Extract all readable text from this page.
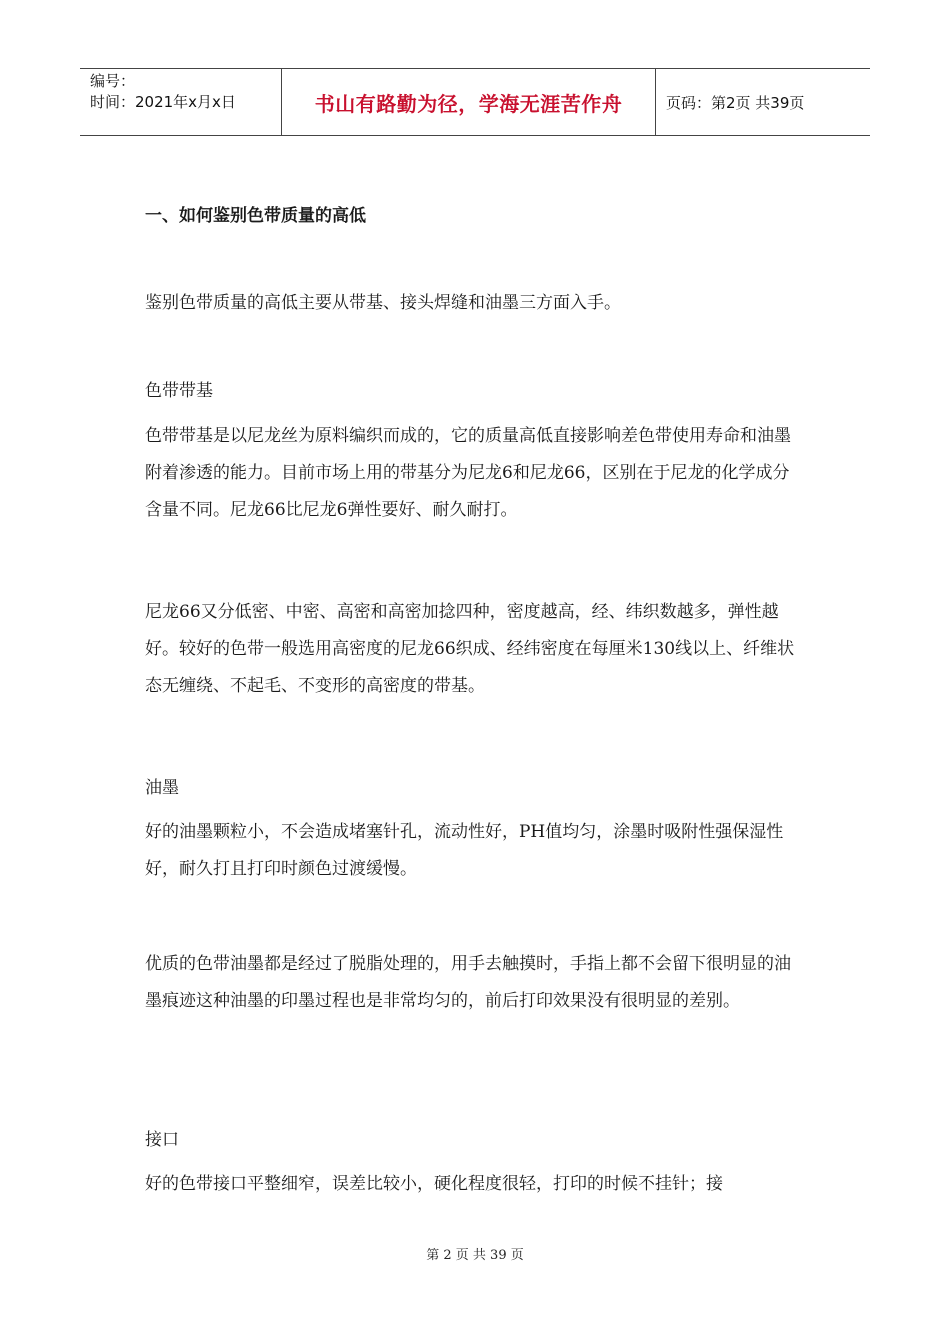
编号：
时间：2021年x月x日	书山有路勤为径，学海无涯苦作舟	页码：第2页 共39页

一、如何鉴别色带质量的高低

鉴别色带质量的高低主要从带基、接头焊缝和油墨三方面入手。

色带带基

色带带基是以尼龙丝为原料编织而成的，它的质量高低直接影响差色带使用寿命和油墨附着渗透的能力。目前市场上用的带基分为尼龙6和尼龙66，区别在于尼龙的化学成分含量不同。尼龙66比尼龙6弹性要好、耐久耐打。

尼龙66又分低密、中密、高密和高密加捻四种，密度越高，经、纬织数越多，弹性越好。较好的色带一般选用高密度的尼龙66织成、经纬密度在每厘米130线以上、纤维状态无缠绕、不起毛、不变形的高密度的带基。

油墨

好的油墨颗粒小，不会造成堵塞针孔，流动性好，PH值均匀，涂墨时吸附性强保湿性好，耐久打且打印时颜色过渡缓慢。

优质的色带油墨都是经过了脱脂处理的，用手去触摸时，手指上都不会留下很明显的油墨痕迹这种油墨的印墨过程也是非常均匀的，前后打印效果没有很明显的差别。

接口

好的色带接口平整细窄，误差比较小，硬化程度很轻，打印的时候不挂针；接

第 2 页 共 39 页
